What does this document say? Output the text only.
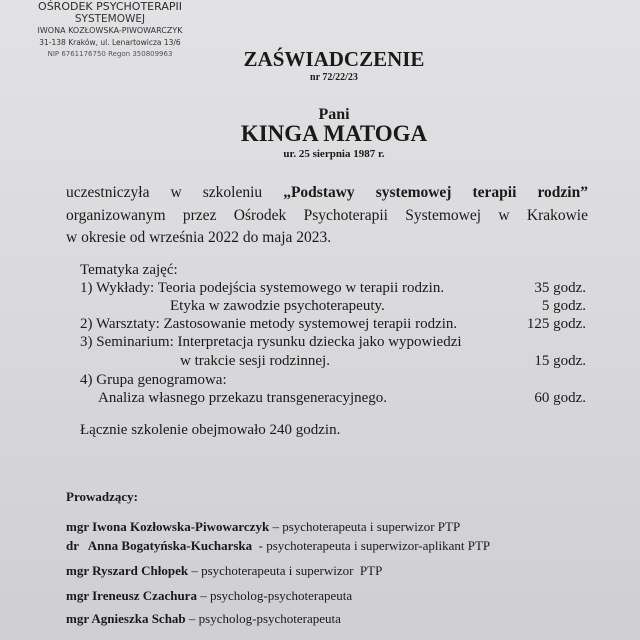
OŚRODEK PSYCHOTERAPII
SYSTEMOWEJ
IWONA KOZŁOWSKA-PIWOWARCZYK
31-138 Kraków, ul. Lenartowicza 13/6
NIP 6761176750 Regon 350809963	ZAŚWIADCZENIE
nr 72/22/23
Pani
KINGA MATOGA
ur. 25 sierpnia 1987 r.
uczestniczyła w szkoleniu „Podstawy systemowej terapii rodzin”
organizowanym przez Ośrodek Psychoterapii Systemowej w Krakowie
w okresie od września 2022 do maja 2023.
Tematyka zajęć:
1) Wykłady: Teoria podejścia systemowego w terapii rodzin.	35 godz.
Etyka w zawodzie psychoterapeuty.	5 godz.
2) Warsztaty: Zastosowanie metody systemowej terapii rodzin.	125 godz.
3) Seminarium: Interpretacja rysunku dziecka jako wypowiedzi
w trakcie sesji rodzinnej.	15 godz.
4) Grupa genogramowa:
Analiza własnego przekazu transgeneracyjnego.	60 godz.
Łącznie szkolenie obejmowało 240 godzin.
Prowadzący:
mgr Iwona Kozłowska-Piwowarczyk – psychoterapeuta i superwizor PTP
dr   Anna Bogatyńska-Kucharska  - psychoterapeuta i superwizor-aplikant PTP
mgr Ryszard Chłopek – psychoterapeuta i superwizor  PTP
mgr Ireneusz Czachura – psycholog-psychoterapeuta
mgr Agnieszka Schab – psycholog-psychoterapeuta
